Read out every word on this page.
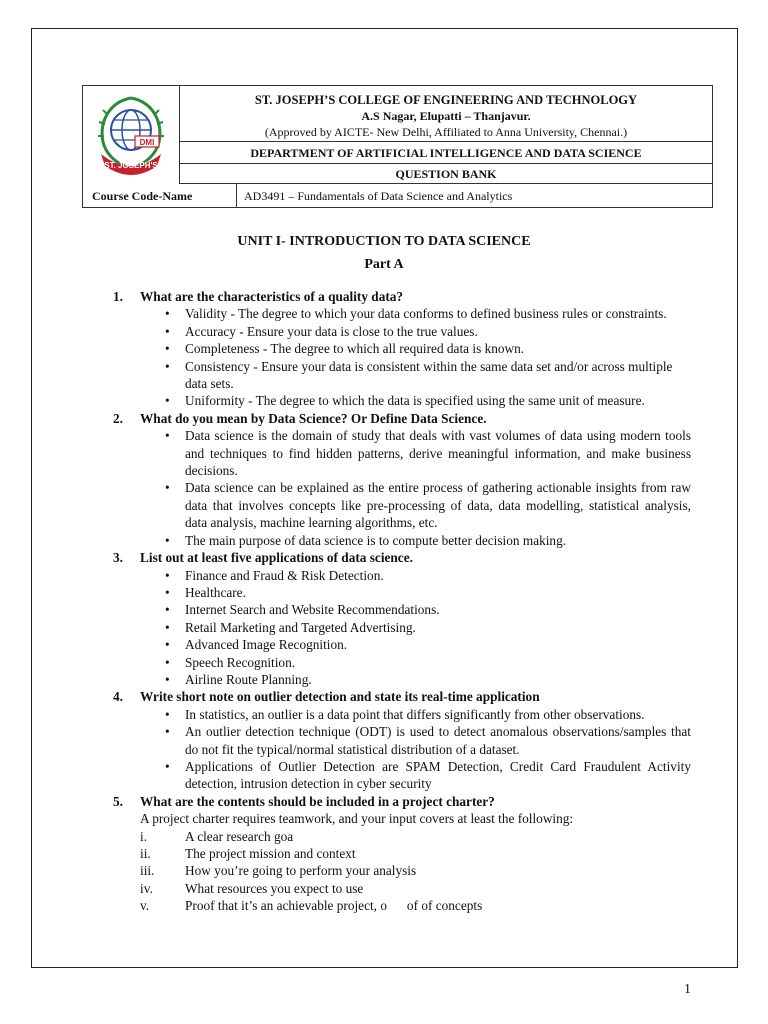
DMI
ST. JOSEPH'S
ST. JOSEPH’S COLLEGE OF ENGINEERING AND TECHNOLOGY
A.S Nagar, Elupatti – Thanjavur.
(Approved by AICTE- New Delhi, Affiliated to Anna University, Chennai.)
DEPARTMENT OF ARTIFICIAL INTELLIGENCE AND DATA SCIENCE
QUESTION BANK
Course Code-Name	AD3491 – Fundamentals of Data Science and Analytics
UNIT I- INTRODUCTION TO DATA SCIENCE
Part A

1. What are the characteristics of a quality data?

• Validity - The degree to which your data conforms to defined business rules or constraints.
• Accuracy - Ensure your data is close to the true values.
• Completeness - The degree to which all required data is known.
• Consistency - Ensure your data is consistent within the same data set and/or across multiple data sets.
• Uniformity - The degree to which the data is specified using the same unit of measure.

2. What do you mean by Data Science? Or Define Data Science.

• Data science is the domain of study that deals with vast volumes of data using modern tools and techniques to find hidden patterns, derive meaningful information, and make business decisions.
• Data science can be explained as the entire process of gathering actionable insights from raw data that involves concepts like pre-processing of data, data modelling, statistical analysis, data analysis, machine learning algorithms, etc.
• The main purpose of data science is to compute better decision making.

3. List out at least five applications of data science.

• Finance and Fraud & Risk Detection.
• Healthcare.
• Internet Search and Website Recommendations.
• Retail Marketing and Targeted Advertising.
• Advanced Image Recognition.
• Speech Recognition.
• Airline Route Planning.

4. Write short note on outlier detection and state its real-time application

• In statistics, an outlier is a data point that differs significantly from other observations.
• An outlier detection technique (ODT) is used to detect anomalous observations/samples that do not fit the typical/normal statistical distribution of a dataset.
• Applications of Outlier Detection are SPAM Detection, Credit Card Fraudulent Activity detection, intrusion detection in cyber security

5. What are the contents should be included in a project charter?

A project charter requires teamwork, and your input covers at least the following:

i.	A clear research goa
ii.	The project mission and context
iii. How you’re going to perform your analysis
iv. What resources you expect to use
v.	Proof that it’s an achievable project, o      of of concepts
1
